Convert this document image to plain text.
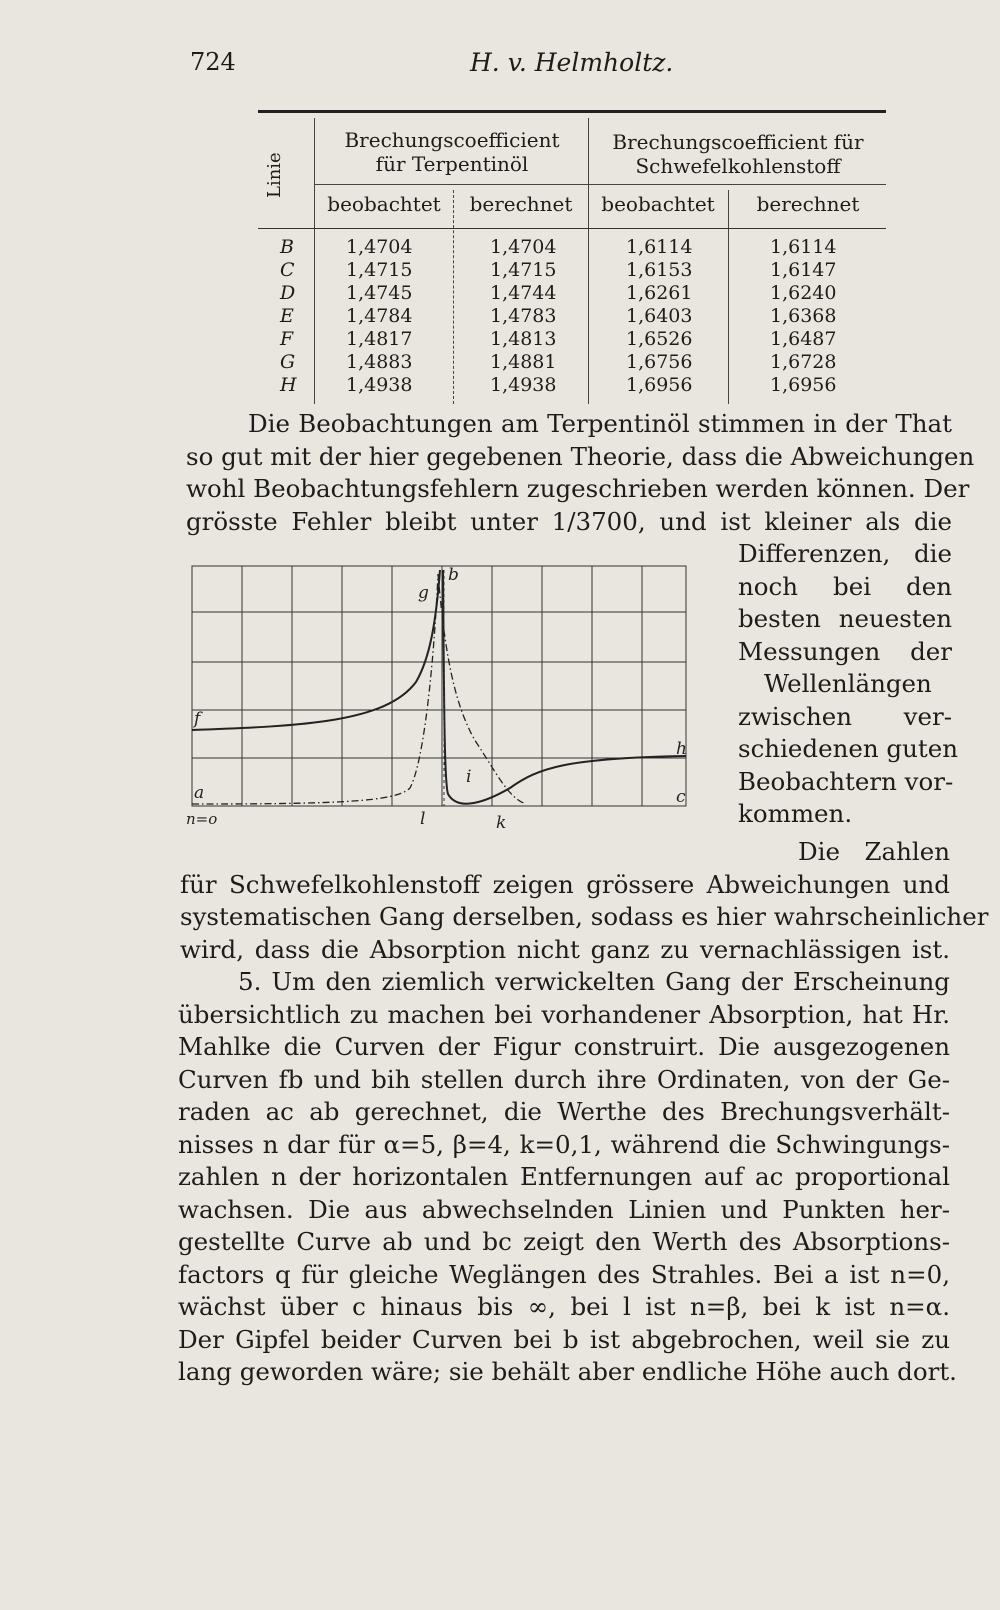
724	H. v. Helmholtz.
Linie
Brechungscoefficient
für Terpentinöl
Brechungscoefficient für
Schwefelkohlenstoff
beobachtet	berechnet	beobachtet	berechnet
B	1,4704	1,4704	1,6114	1,6114
C	1,4715	1,4715	1,6153	1,6147
D	1,4745	1,4744	1,6261	1,6240
E	1,4784	1,4783	1,6403	1,6368
F	1,4817	1,4813	1,6526	1,6487
G	1,4883	1,4881	1,6756	1,6728
H	1,4938	1,4938	1,6956	1,6956
Die Beobachtungen am Terpentinöl stimmen in der That
so gut mit der hier gegebenen Theorie, dass die Abweichungen
wohl Beobachtungsfehlern zugeschrieben werden können. Der
grösste Fehler bleibt unter 1/3700, und ist kleiner als die
Differenzen, die
noch bei den
besten neuesten
Messungen der
Wellenlängen
zwischen ver-
schiedenen guten
Beobachtern vor-
kommen.
Die Zahlen
für Schwefelkohlenstoff zeigen grössere Abweichungen und
systematischen Gang derselben, sodass es hier wahrscheinlicher
wird, dass die Absorption nicht ganz zu vernachlässigen ist.
f
g
b
h
a	c
i
l	k
n=o
5. Um den ziemlich verwickelten Gang der Erscheinung
übersichtlich zu machen bei vorhandener Absorption, hat Hr.
Mahlke die Curven der Figur construirt. Die ausgezogenen
Curven fb und bih stellen durch ihre Ordinaten, von der Ge-
raden ac ab gerechnet, die Werthe des Brechungsverhält-
nisses n dar für α=5, β=4, k=0,1, während die Schwingungs-
zahlen n der horizontalen Entfernungen auf ac proportional
wachsen. Die aus abwechselnden Linien und Punkten her-
gestellte Curve ab und bc zeigt den Werth des Absorptions-
factors q für gleiche Weglängen des Strahles. Bei a ist n=0,
wächst über c hinaus bis ∞, bei l ist n=β, bei k ist n=α.
Der Gipfel beider Curven bei b ist abgebrochen, weil sie zu
lang geworden wäre; sie behält aber endliche Höhe auch dort.
